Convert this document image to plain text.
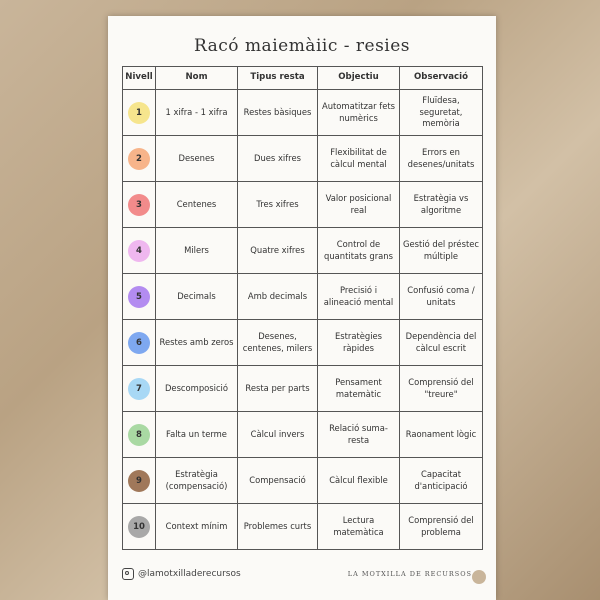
Racó maiemàiic - resies
Nivell	Nom	Tipus resta	Objectiu	Observació
1	1 xifra - 1 xifra	Restes bàsiques	Automatitzar fets numèrics	Fluïdesa, seguretat, memòria
2	Desenes	Dues xifres	Flexibilitat de càlcul mental	Errors en desenes/unitats
3	Centenes	Tres xifres	Valor posicional real	Estratègia vs algoritme
4	Milers	Quatre xifres	Control de quantitats grans	Gestió del préstec múltiple
5	Decimals	Amb decimals	Precisió i alineació mental	Confusió coma / unitats
6	Restes amb zeros	Desenes, centenes, milers	Estratègies ràpides	Dependència del càlcul escrit
7	Descomposició	Resta per parts	Pensament matemàtic	Comprensió del "treure"
8	Falta un terme	Càlcul invers	Relació suma-resta	Raonament lògic
9	Estratègia (compensació)	Compensació	Càlcul flexible	Capacitat d'anticipació
10	Context mínim	Problemes curts	Lectura matemàtica	Comprensió del problema
@lamotxilladerecursos	LA MOTXILLA DE RECURSOS
